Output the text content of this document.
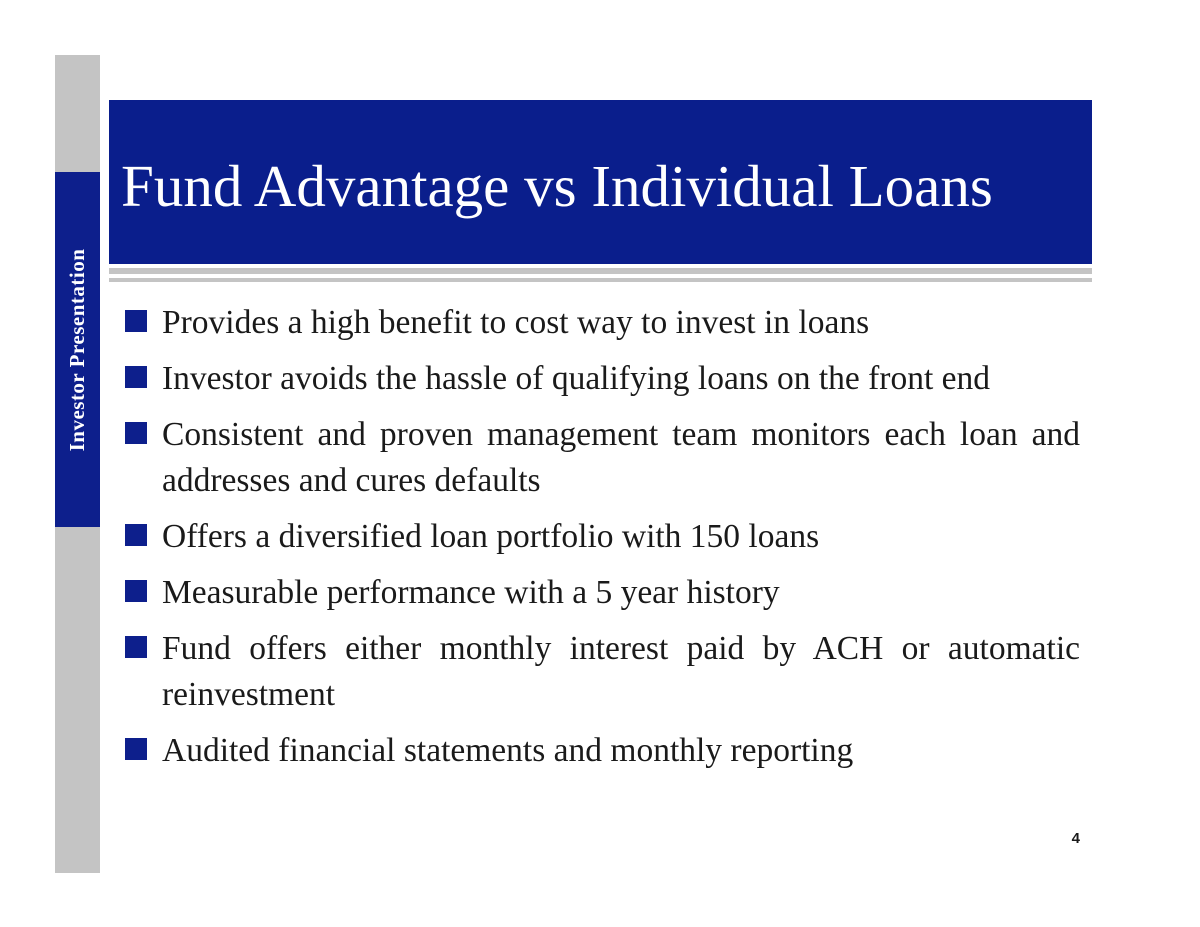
Investor Presentation
Fund Advantage vs Individual Loans
Provides a high benefit to cost way to invest in loans
Investor avoids the hassle of qualifying loans on the front end
Consistent and proven management team monitors each loan and addresses and cures defaults
Offers a diversified loan portfolio with 150 loans
Measurable performance with a 5 year history
Fund offers either monthly interest paid by ACH or automatic reinvestment
Audited financial statements and monthly reporting
4
